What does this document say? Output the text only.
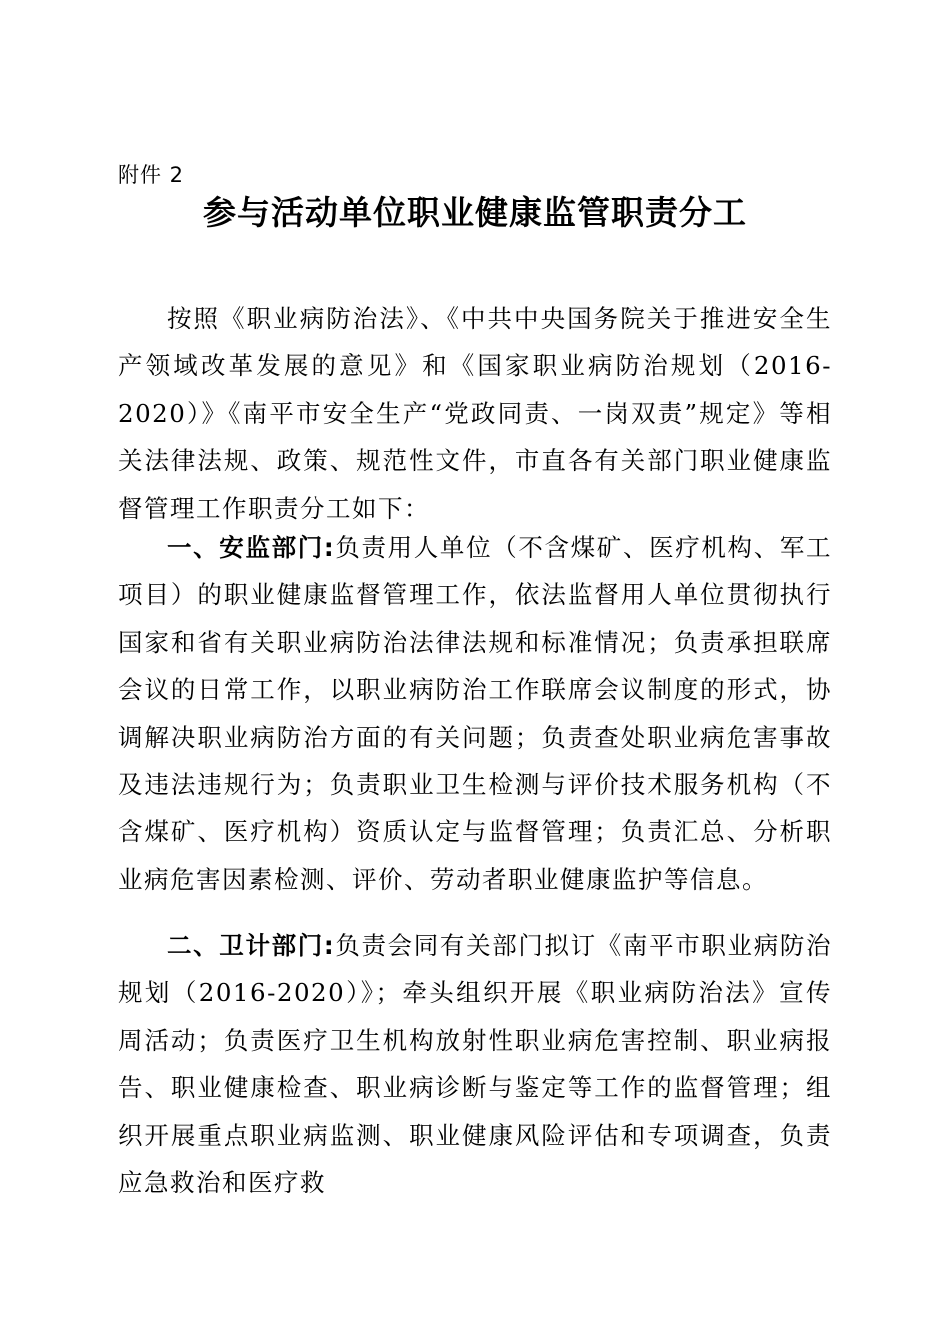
附件 2
参与活动单位职业健康监管职责分工

按照《职业病防治法》、《中共中央国务院关于推进安全生产领域改革发展的意见》和《国家职业病防治规划（2016-2020）》《南平市安全生产“党政同责、一岗双责”规定》等相关法律法规、政策、规范性文件，市直各有关部门职业健康监督管理工作职责分工如下：

一、安监部门:负责用人单位（不含煤矿、医疗机构、军工项目）的职业健康监督管理工作，依法监督用人单位贯彻执行国家和省有关职业病防治法律法规和标准情况；负责承担联席会议的日常工作，以职业病防治工作联席会议制度的形式，协调解决职业病防治方面的有关问题；负责查处职业病危害事故及违法违规行为；负责职业卫生检测与评价技术服务机构（不含煤矿、医疗机构）资质认定与监督管理；负责汇总、分析职业病危害因素检测、评价、劳动者职业健康监护等信息。

二、卫计部门:负责会同有关部门拟订《南平市职业病防治规划（2016-2020）》；牵头组织开展《职业病防治法》宣传周活动；负责医疗卫生机构放射性职业病危害控制、职业病报告、职业健康检查、职业病诊断与鉴定等工作的监督管理；组织开展重点职业病监测、职业健康风险评估和专项调查，负责应急救治和医疗救
